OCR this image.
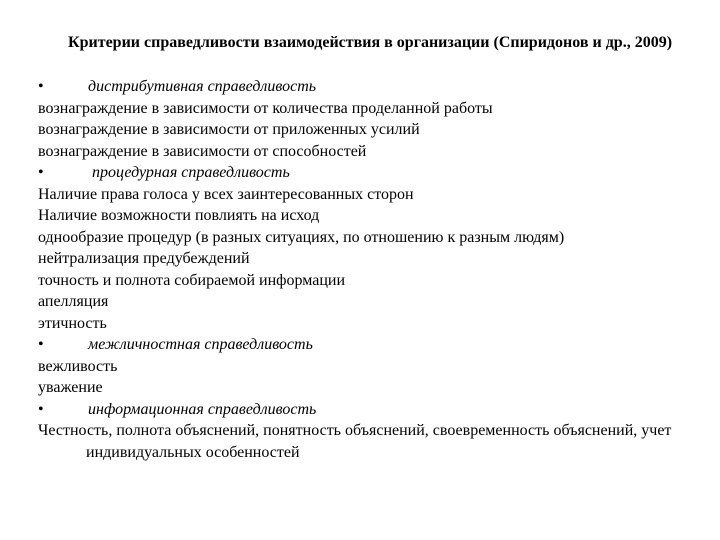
Критерии справедливости взаимодействия в организации (Спиридонов и др., 2009)
•	дистрибутивная справедливость
вознаграждение в зависимости от количества проделанной работы
вознаграждение в зависимости от приложенных усилий
вознаграждение в зависимости от способностей
•	процедурная справедливость
Наличие права голоса у всех заинтересованных сторон
Наличие возможности повлиять на исход
однообразие процедур (в разных ситуациях, по отношению к разным людям)
нейтрализация предубеждений
точность и полнота собираемой информации
апелляция
этичность
•	межличностная справедливость
вежливость
уважение
•	информационная справедливость
Честность, полнота объяснений, понятность объяснений, своевременность объяснений, учет индивидуальных особенностей
